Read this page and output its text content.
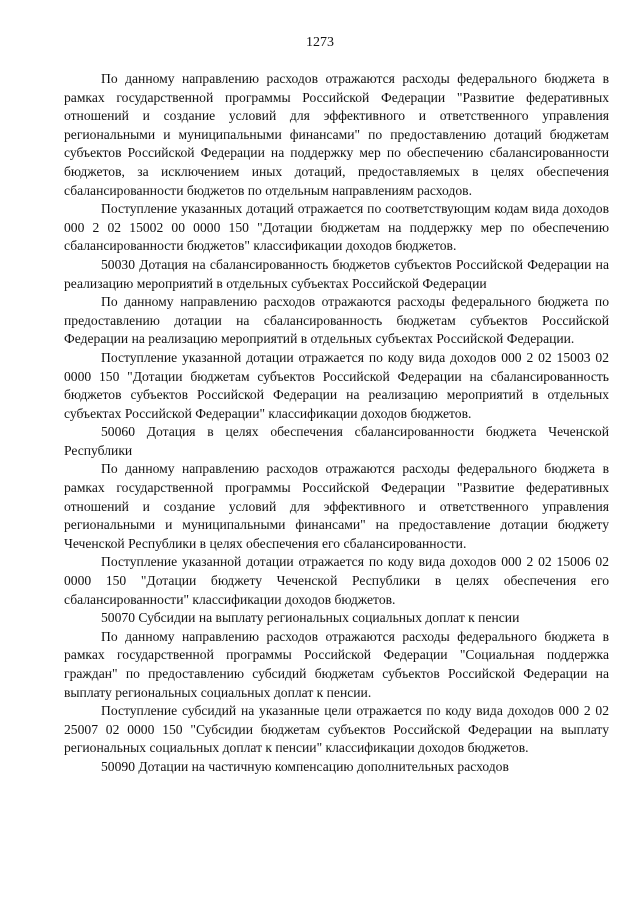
1273

По данному направлению расходов отражаются расходы федерального бюджета в рамках государственной программы Российской Федерации "Развитие федеративных отношений и создание условий для эффективного и ответственного управления региональными и муниципальными финансами" по предоставлению дотаций бюджетам субъектов Российской Федерации на поддержку мер по обеспечению сбалансированности бюджетов, за исключением иных дотаций, предоставляемых в целях обеспечения сбалансированности бюджетов по отдельным направлениям расходов.

Поступление указанных дотаций отражается по соответствующим кодам вида доходов 000 2 02 15002 00 0000 150 "Дотации бюджетам на поддержку мер по обеспечению сбалансированности бюджетов" классификации доходов бюджетов.

50030 Дотация на сбалансированность бюджетов субъектов Российской Федерации на реализацию мероприятий в отдельных субъектах Российской Федерации

По данному направлению расходов отражаются расходы федерального бюджета по предоставлению дотации на сбалансированность бюджетам субъектов Российской Федерации на реализацию мероприятий в отдельных субъектах Российской Федерации.

Поступление указанной дотации отражается по коду вида доходов 000 2 02 15003 02 0000 150 "Дотации бюджетам субъектов Российской Федерации на сбалансированность бюджетов субъектов Российской Федерации на реализацию мероприятий в отдельных субъектах Российской Федерации" классификации доходов бюджетов.

50060 Дотация в целях обеспечения сбалансированности бюджета Чеченской Республики

По данному направлению расходов отражаются расходы федерального бюджета в рамках государственной программы Российской Федерации "Развитие федеративных отношений и создание условий для эффективного и ответственного управления региональными и муниципальными финансами" на предоставление дотации бюджету Чеченской Республики в целях обеспечения его сбалансированности.

Поступление указанной дотации отражается по коду вида доходов 000 2 02 15006 02 0000 150 "Дотации бюджету Чеченской Республики в целях обеспечения его сбалансированности" классификации доходов бюджетов.

50070 Субсидии на выплату региональных социальных доплат к пенсии

По данному направлению расходов отражаются расходы федерального бюджета в рамках государственной программы Российской Федерации "Социальная поддержка граждан" по предоставлению субсидий бюджетам субъектов Российской Федерации на выплату региональных социальных доплат к пенсии.

Поступление субсидий на указанные цели отражается по коду вида доходов 000 2 02 25007 02 0000 150 "Субсидии бюджетам субъектов Российской Федерации на выплату региональных социальных доплат к пенсии" классификации доходов бюджетов.

50090 Дотации на частичную компенсацию дополнительных расходов
